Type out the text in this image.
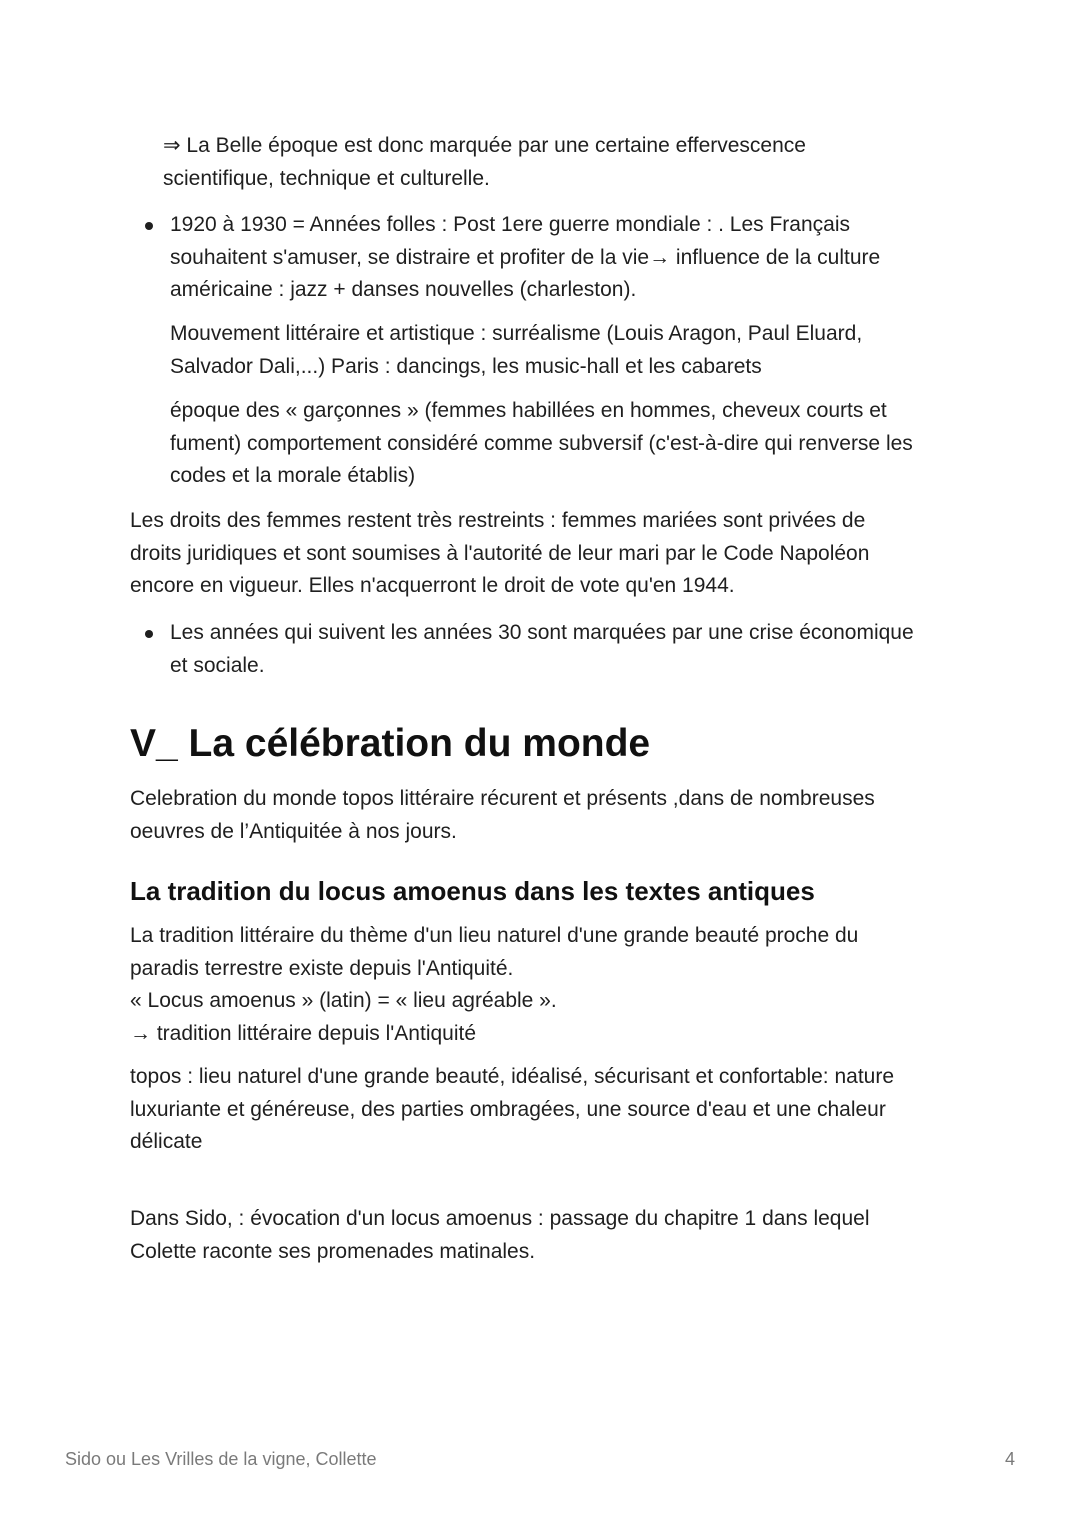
⇒ La Belle époque est donc marquée par une certaine effervescence
scientifique, technique et culturelle.
1920 à 1930 = Années folles : Post 1ere guerre mondiale : . Les Français
souhaitent s'amuser, se distraire et profiter de la vie→ influence de la culture
américaine : jazz + danses nouvelles (charleston).
Mouvement littéraire et artistique : surréalisme (Louis Aragon, Paul Eluard,
Salvador Dali,...) Paris : dancings, les music-hall et les cabarets
époque des « garçonnes » (femmes habillées en hommes, cheveux courts et
fument) comportement considéré comme subversif (c'est-à-dire qui renverse les
codes et la morale établis)
Les droits des femmes restent très restreints : femmes mariées sont privées de
droits juridiques et sont soumises à l'autorité de leur mari par le Code Napoléon
encore en vigueur. Elles n'acquerront le droit de vote qu'en 1944.
Les années qui suivent les années 30 sont marquées par une crise économique
et sociale.
V_ La célébration du monde
Celebration du monde topos littéraire récurent et présents ,dans de nombreuses
oeuvres de l’Antiquitée à nos jours.
La tradition du locus amoenus dans les textes antiques
La tradition littéraire du thème d'un lieu naturel d'une grande beauté proche du
paradis terrestre existe depuis l'Antiquité.
« Locus amoenus » (latin) = « lieu agréable ».
→ tradition littéraire depuis l'Antiquité
topos : lieu naturel d'une grande beauté, idéalisé, sécurisant et confortable: nature
luxuriante et généreuse, des parties ombragées, une source d'eau et une chaleur
délicate
Dans Sido, : évocation d'un locus amoenus : passage du chapitre 1 dans lequel
Colette raconte ses promenades matinales.

Sido ou Les Vrilles de la vigne, Collette	4
